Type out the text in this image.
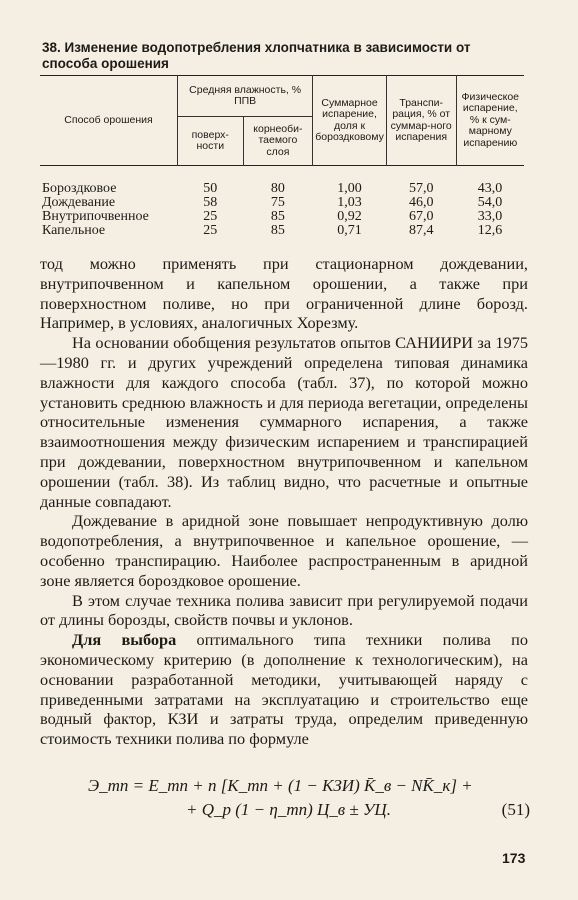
38. Изменение водопотребления хлопчатника в зависимости от способа орошения
Способ орошения	Средняя влажность, % ППВ		Суммарное испарение, доля к бороздковому	Транспи-рация, % от суммар-ного испарения	Физическое испарение, % к сум-марному испарению
	поверх-ности	корнеоби-таемого слоя			
Бороздковое	50	80	1,00	57,0	43,0
Дождевание	58	75	1,03	46,0	54,0
Внутрипочвенное	25	85	0,92	67,0	33,0
Капельное	25	85	0,71	87,4	12,6

тод можно применять при стационарном дождевании, внутрипочвенном и капельном орошении, а также при поверхностном поливе, но при ограниченной длине борозд. Например, в условиях, аналогичных Хорезму.

На основании обобщения результатов опытов САНИИРИ за 1975—1980 гг. и других учреждений определена типовая динамика влажности для каждого способа (табл. 37), по которой можно установить среднюю влажность и для периода вегетации, определены относительные изменения суммарного испарения, а также взаимоотношения между физическим испарением и транспирацией при дождевании, поверхностном внутрипочвенном и капельном орошении (табл. 38). Из таблиц видно, что расчетные и опытные данные совпадают.

Дождевание в аридной зоне повышает непродуктивную долю водопотребления, а внутрипочвенное и капельное орошение, — особенно транспирацию. Наиболее распространенным в аридной зоне является бороздковое орошение.

В этом случае техника полива зависит при регулируемой подачи от длины борозды, свойств почвы и уклонов.

Для выбора оптимального типа техники полива по экономическому критерию (в дополнение к технологическим), на основании разработанной методики, учитывающей наряду с приведенными затратами на эксплуатацию и строительство еще водный фактор, КЗИ и затраты труда, определим приведенную стоимость техники полива по формуле

Э_mn = E_mn + n [K_mn + (1 − КЗИ) K̄_в − NK̄_к] +
+ Q_р (1 − η_mn) Ц_в ± УЦ.	(51)
173
